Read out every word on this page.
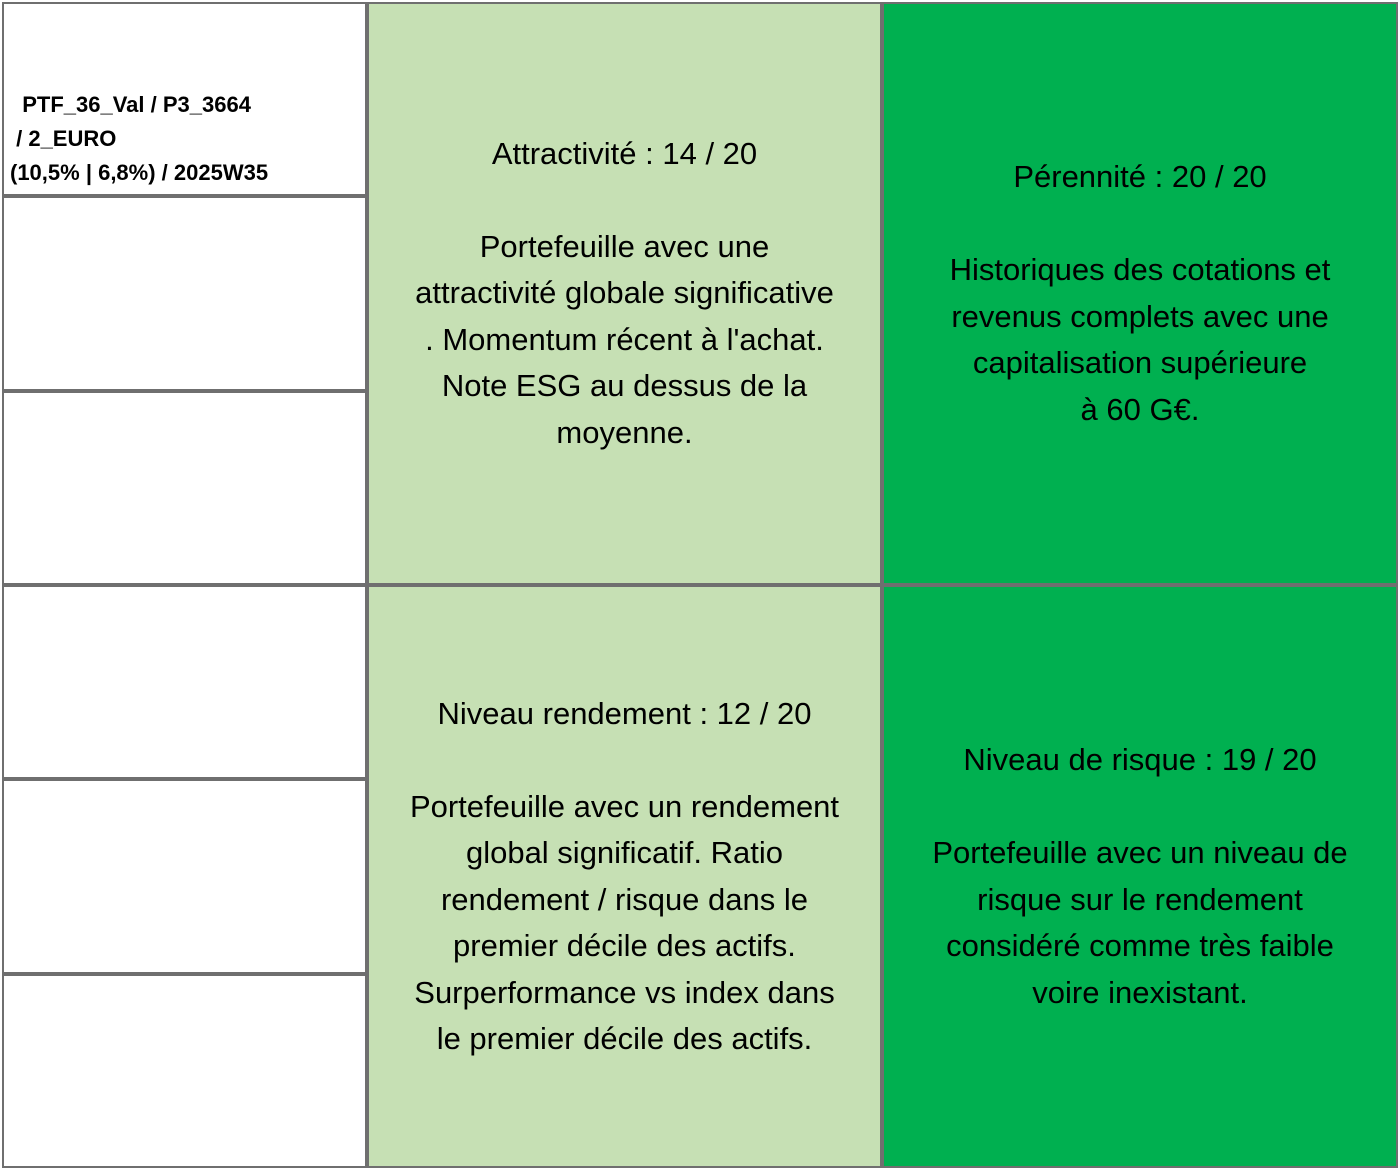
PTF_36_Val / P3_3664
/ 2_EURO
(10,5% | 6,8%) / 2025W35

Attractivité : 14 / 20
Portefeuille avec une
attractivité globale significative
. Momentum récent à l'achat.
Note ESG au dessus de la
moyenne.
Pérennité : 20 / 20
Historiques des cotations et
revenus complets avec une
capitalisation supérieure
à 60 G€.
Niveau rendement : 12 / 20
Portefeuille avec un rendement
global significatif. Ratio
rendement / risque dans le
premier décile des actifs.
Surperformance vs index dans
le premier décile des actifs.
Niveau de risque : 19 / 20
Portefeuille avec un niveau de
risque sur le rendement
considéré comme très faible
voire inexistant.
